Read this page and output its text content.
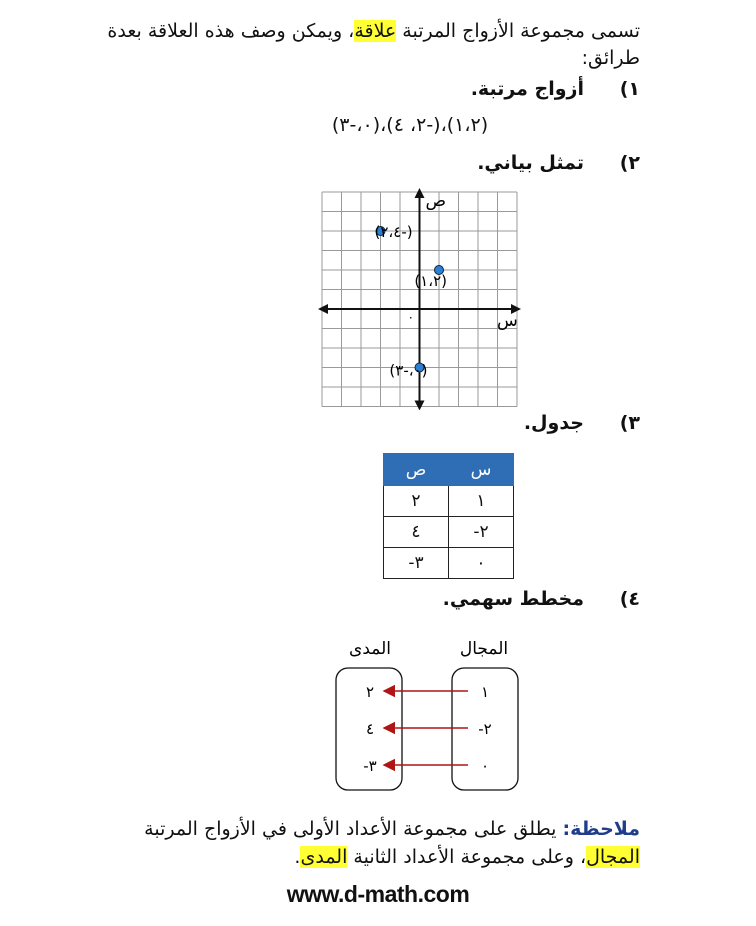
تسمى مجموعة الأزواج المرتبة علاقة، ويمكن وصف هذه العلاقة بعدة طرائق:
١)أزواج مرتبة.
(١،٢)،(-٢، ٤)،(٠،-٣)
٢)تمثل بياني.
ص
س
٠
(١،٢)
(-٢،٤)
(٠،-٣)
٣)جدول.
ص	س
٢	١
٤	-٢
-٣	٠
٤)مخطط سهمي.
المدى	المجال
١
٢
-٢
٤
٠
-٣
ملاحظة: يطلق على مجموعة الأعداد الأولى في الأزواج المرتبة المجال، وعلى مجموعة الأعداد الثانية المدى.
www.d-math.com
